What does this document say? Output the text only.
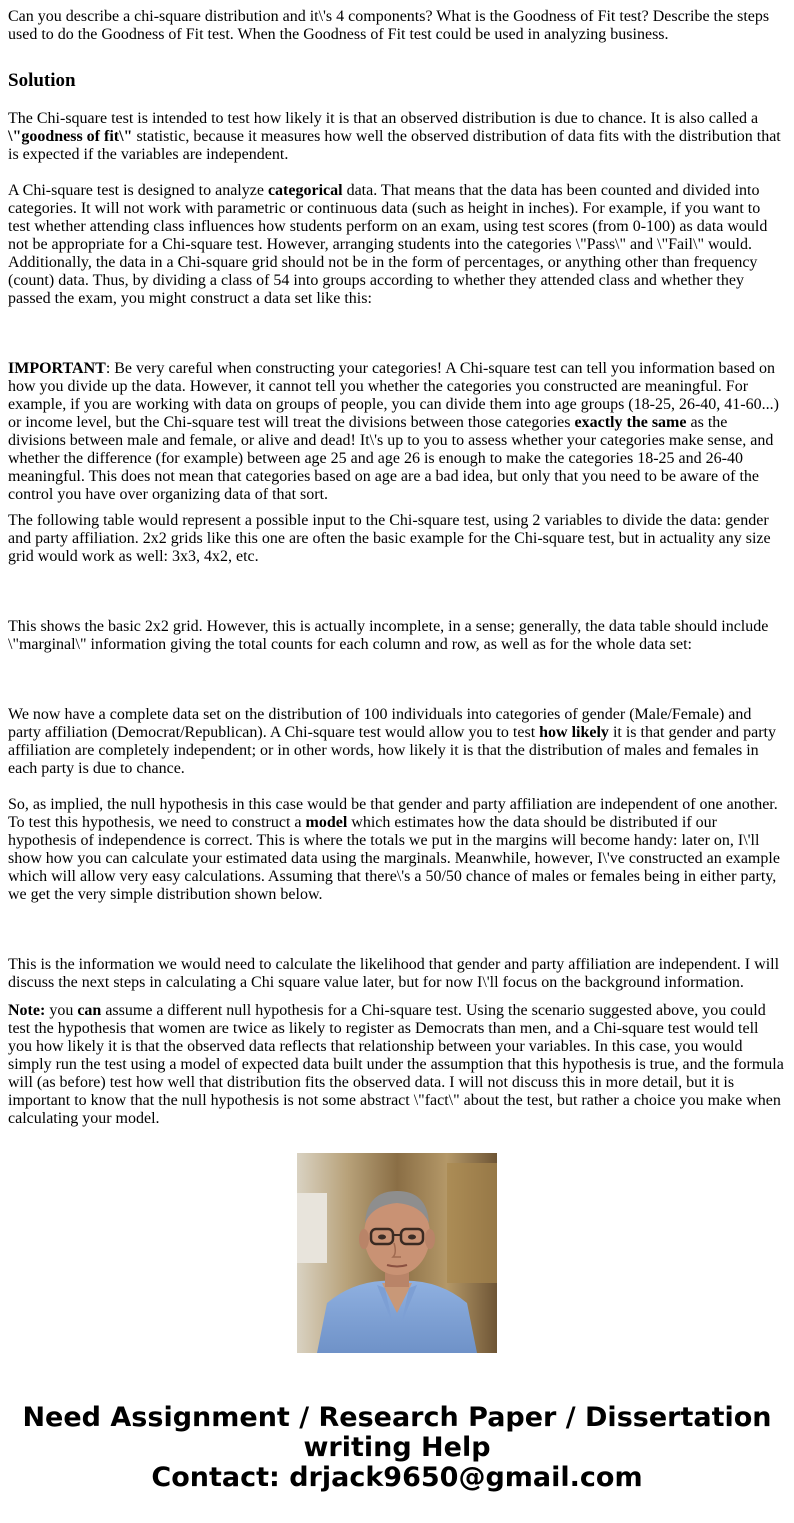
Can you describe a chi-square distribution and it\'s 4 components? What is the Goodness of Fit test? Describe the steps used to do the Goodness of Fit test. When the Goodness of Fit test could be used in analyzing business.

Solution

The Chi-square test is intended to test how likely it is that an observed distribution is due to chance. It is also called a \"goodness of fit\" statistic, because it measures how well the observed distribution of data fits with the distribution that is expected if the variables are independent.

A Chi-square test is designed to analyze categorical data. That means that the data has been counted and divided into categories. It will not work with parametric or continuous data (such as height in inches). For example, if you want to test whether attending class influences how students perform on an exam, using test scores (from 0-100) as data would not be appropriate for a Chi-square test. However, arranging students into the categories \"Pass\" and \"Fail\" would. Additionally, the data in a Chi-square grid should not be in the form of percentages, or anything other than frequency (count) data. Thus, by dividing a class of 54 into groups according to whether they attended class and whether they passed the exam, you might construct a data set like this:

IMPORTANT: Be very careful when constructing your categories! A Chi-square test can tell you information based on how you divide up the data. However, it cannot tell you whether the categories you constructed are meaningful. For example, if you are working with data on groups of people, you can divide them into age groups (18-25, 26-40, 41-60...) or income level, but the Chi-square test will treat the divisions between those categories exactly the same as the divisions between male and female, or alive and dead! It\'s up to you to assess whether your categories make sense, and whether the difference (for example) between age 25 and age 26 is enough to make the categories 18-25 and 26-40 meaningful. This does not mean that categories based on age are a bad idea, but only that you need to be aware of the control you have over organizing data of that sort.

The following table would represent a possible input to the Chi-square test, using 2 variables to divide the data: gender and party affiliation. 2x2 grids like this one are often the basic example for the Chi-square test, but in actuality any size grid would work as well: 3x3, 4x2, etc.

This shows the basic 2x2 grid. However, this is actually incomplete, in a sense; generally, the data table should include \"marginal\" information giving the total counts for each column and row, as well as for the whole data set:

We now have a complete data set on the distribution of 100 individuals into categories of gender (Male/Female) and party affiliation (Democrat/Republican). A Chi-square test would allow you to test how likely it is that gender and party affiliation are completely independent; or in other words, how likely it is that the distribution of males and females in each party is due to chance.

So, as implied, the null hypothesis in this case would be that gender and party affiliation are independent of one another. To test this hypothesis, we need to construct a model which estimates how the data should be distributed if our hypothesis of independence is correct. This is where the totals we put in the margins will become handy: later on, I\'ll show how you can calculate your estimated data using the marginals. Meanwhile, however, I\'ve constructed an example which will allow very easy calculations. Assuming that there\'s a 50/50 chance of males or females being in either party, we get the very simple distribution shown below.

This is the information we would need to calculate the likelihood that gender and party affiliation are independent. I will discuss the next steps in calculating a Chi square value later, but for now I\'ll focus on the background information.

Note: you can assume a different null hypothesis for a Chi-square test. Using the scenario suggested above, you could test the hypothesis that women are twice as likely to register as Democrats than men, and a Chi-square test would tell you how likely it is that the observed data reflects that relationship between your variables. In this case, you would simply run the test using a model of expected data built under the assumption that this hypothesis is true, and the formula will (as before) test how well that distribution fits the observed data. I will not discuss this in more detail, but it is important to know that the null hypothesis is not some abstract \"fact\" about the test, but rather a choice you make when calculating your model.

Need Assignment / Research Paper / Dissertation writing Help
Contact: drjack9650@gmail.com
